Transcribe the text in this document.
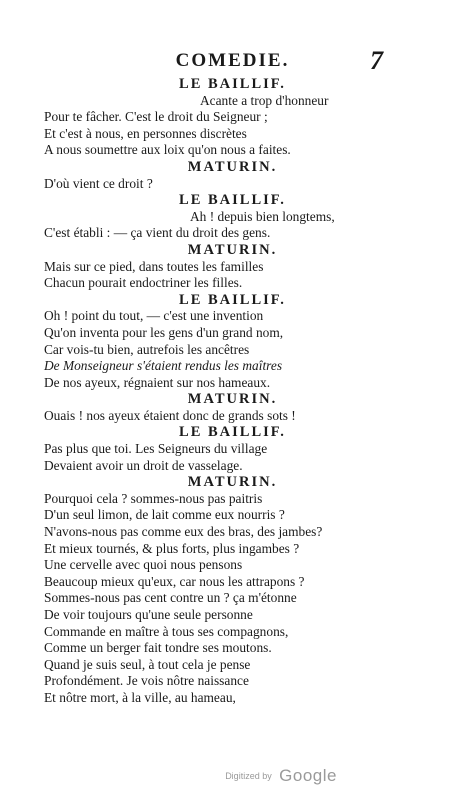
COMEDIE.	7
LE BAILLIF.
Acante a trop d'honneur
Pour te fâcher. C'est le droit du Seigneur ;
Et c'est à nous, en personnes discrètes
A nous soumettre aux loix qu'on nous a faites.
MATURIN.
D'où vient ce droit ?
LE BAILLIF.
Ah ! depuis bien longtems,
C'est établi : — ça vient du droit des gens.
MATURIN.
Mais sur ce pied, dans toutes les familles
Chacun pourait endoctriner les filles.
LE BAILLIF.
Oh ! point du tout, — c'est une invention
Qu'on inventa pour les gens d'un grand nom,
Car vois-tu bien, autrefois les ancêtres
De Monseigneur s'étaient rendus les maîtres
De nos ayeux, régnaient sur nos hameaux.
MATURIN.
Ouais ! nos ayeux étaient donc de grands sots !
LE BAILLIF.
Pas plus que toi. Les Seigneurs du village
Devaient avoir un droit de vasselage.
MATURIN.
Pourquoi cela ? sommes-nous pas paitris
D'un seul limon, de lait comme eux nourris ?
N'avons-nous pas comme eux des bras, des jambes?
Et mieux tournés, & plus forts, plus ingambes ?
Une cervelle avec quoi nous pensons
Beaucoup mieux qu'eux, car nous les attrapons ?
Sommes-nous pas cent contre un ? ça m'étonne
De voir toujours qu'une seule personne
Commande en maître à tous ses compagnons,
Comme un berger fait tondre ses moutons.
Quand je suis seul, à tout cela je pense
Profondément. Je vois nôtre naissance
Et nôtre mort, à la ville, au hameau,
Digitized by Google
